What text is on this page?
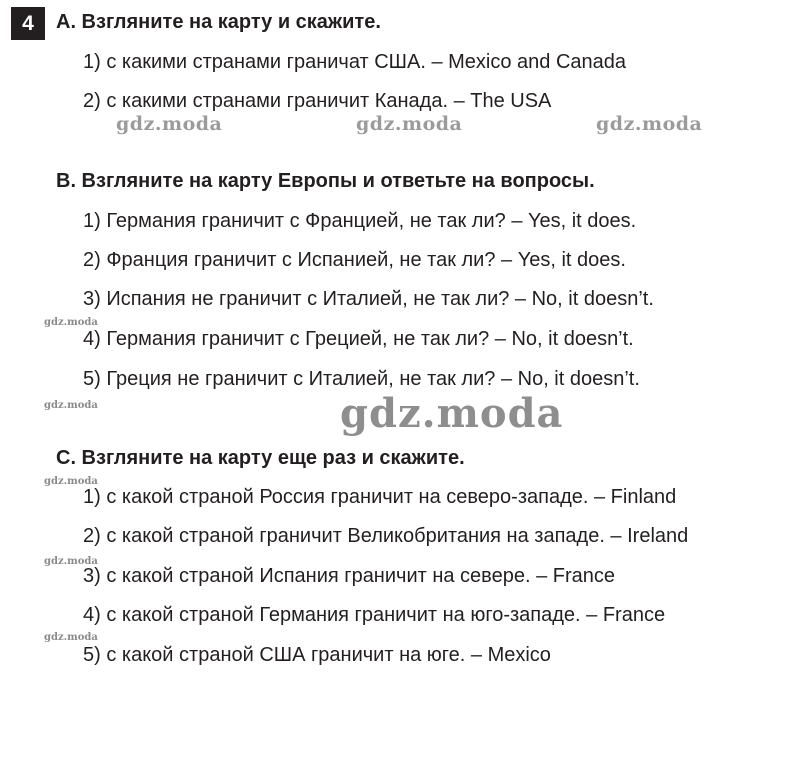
4	A. Взгляните на карту и скажите.
1) с какими странами граничат США. – Mexico and Canada
2) с какими странами граничит Канада. – The USA
B. Взгляните на карту Европы и ответьте на вопросы.
1) Германия граничит с Францией, не так ли? – Yes, it does.
2) Франция граничит с Испанией, не так ли? – Yes, it does.
3) Испания не граничит с Италией, не так ли? – No, it doesn’t.
4) Германия граничит с Грецией, не так ли? – No, it doesn’t.
5) Греция не граничит с Италией, не так ли? – No, it doesn’t.
C. Взгляните на карту еще раз и скажите.
1) с какой страной Россия граничит на северо-западе. – Finland
2) с какой страной граничит Великобритания на западе. – Ireland
3) с какой страной Испания граничит на севере. – France
4) с какой страной Германия граничит на юго-западе. – France
5) с какой страной США граничит на юге. – Mexico
gdz.moda	gdz.moda	gdz.moda
gdz.moda
gdz.moda	gdz.moda
gdz.moda
gdz.moda
gdz.moda
